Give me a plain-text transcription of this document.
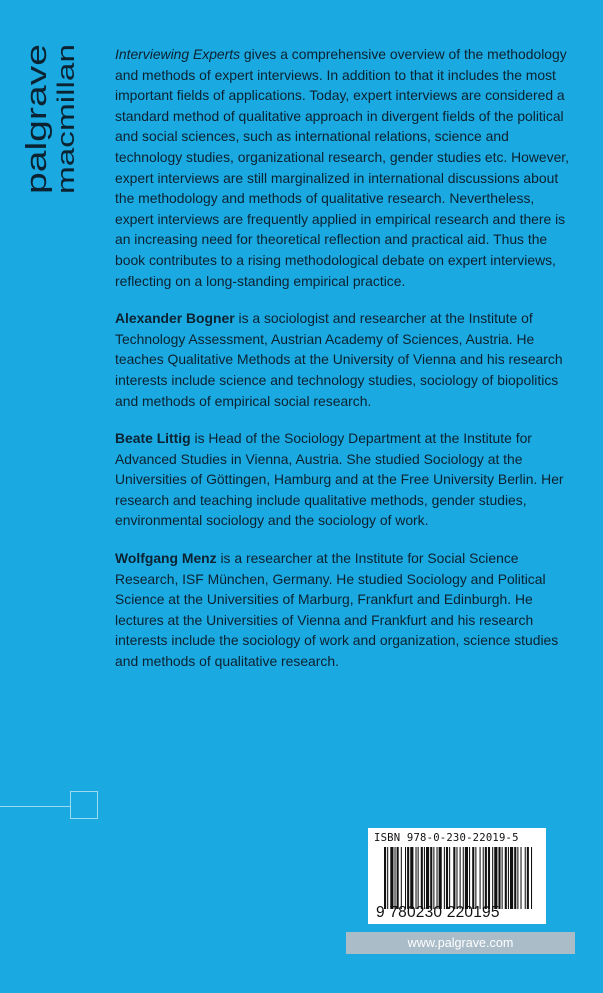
palgrave macmillan

Interviewing Experts gives a comprehensive overview of the methodology and methods of expert interviews. In addition to that it includes the most important fields of applications. Today, expert interviews are considered a standard method of qualitative approach in divergent fields of the political and social sciences, such as international relations, science and technology studies, organizational research, gender studies etc. However, expert interviews are still marginalized in international discussions about the methodology and methods of qualitative research. Nevertheless, expert interviews are frequently applied in empirical research and there is an increasing need for theoretical reflection and practical aid. Thus the book contributes to a rising methodological debate on expert interviews, reflecting on a long-standing empirical practice.

Alexander Bogner is a sociologist and researcher at the Institute of Technology Assessment, Austrian Academy of Sciences, Austria. He teaches Qualitative Methods at the University of Vienna and his research interests include science and technology studies, sociology of biopolitics and methods of empirical social research.

Beate Littig is Head of the Sociology Department at the Institute for Advanced Studies in Vienna, Austria. She studied Sociology at the Universities of Göttingen, Hamburg and at the Free University Berlin. Her research and teaching include qualitative methods, gender studies, environmental sociology and the sociology of work.

Wolfgang Menz is a researcher at the Institute for Social Science Research, ISF München, Germany. He studied Sociology and Political Science at the Universities of Marburg, Frankfurt and Edinburgh. He lectures at the Universities of Vienna and Frankfurt and his research interests include the sociology of work and organization, science studies and methods of qualitative research.

ISBN 978-0-230-22019-5
9 780230 220195
www.palgrave.com
